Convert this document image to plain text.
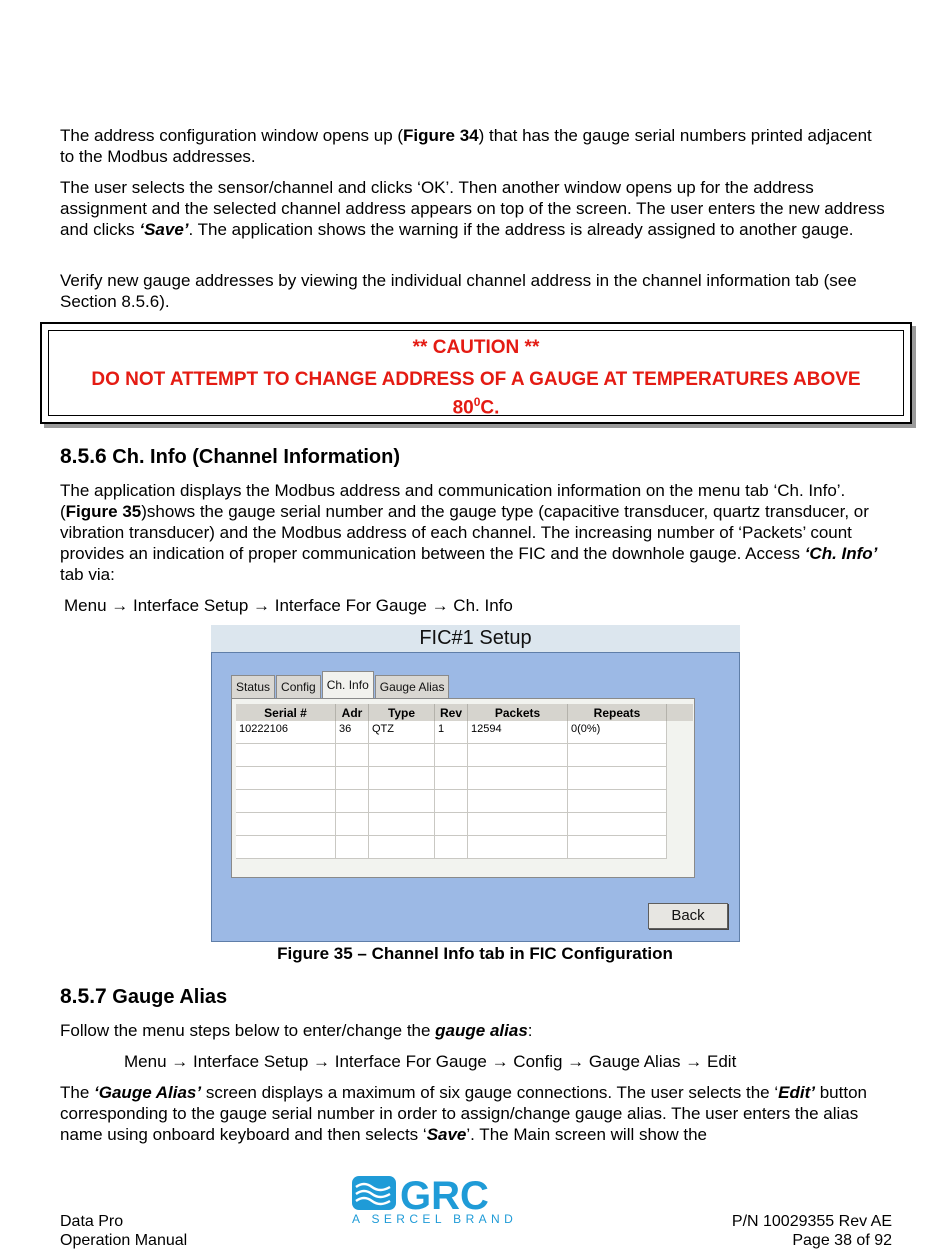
The address configuration window opens up (Figure 34) that has the gauge serial numbers printed adjacent to the Modbus addresses.

The user selects the sensor/channel and clicks ‘OK’. Then another window opens up for the address assignment and the selected channel address appears on top of the screen. The user enters the new address and clicks ‘Save’. The application shows the warning if the address is already assigned to another gauge.

Verify new gauge addresses by viewing the individual channel address in the channel information tab (see Section 8.5.6).

** CAUTION **
DO NOT ATTEMPT TO CHANGE ADDRESS OF A GAUGE AT TEMPERATURES ABOVE
$80^0C$.
8.5.6 Ch. Info (Channel Information)

The application displays the Modbus address and communication information on the menu tab ‘Ch. Info’. (Figure 35)shows the gauge serial number and the gauge type (capacitive transducer, quartz transducer, or vibration transducer) and the Modbus address of each channel. The increasing number of ‘Packets’ count provides an indication of proper communication between the FIC and the downhole gauge. Access ‘Ch. Info’ tab via:

Menu → Interface Setup → Interface For Gauge → Ch. Info
FIC#1 Setup
Status Config Ch. Info Gauge Alias
Serial #	Adr	Type	Rev	Packets	Repeats	
10222106	36	QTZ	1	12594	0(0%)	

Back
Figure 35 – Channel Info tab in FIC Configuration
8.5.7 Gauge Alias

Follow the menu steps below to enter/change the gauge alias:

Menu → Interface Setup → Interface For Gauge → Config → Gauge Alias → Edit

The ‘Gauge Alias’ screen displays a maximum of six gauge connections. The user selects the ‘Edit’ button corresponding to the gauge serial number in order to assign/change gauge alias. The user enters the alias name using onboard keyboard and then selects ‘Save’. The Main screen will show the

Data Pro
Operation Manual
GRC
A SERCEL BRAND	P/N 10029355 Rev AE
Page 38 of 92
